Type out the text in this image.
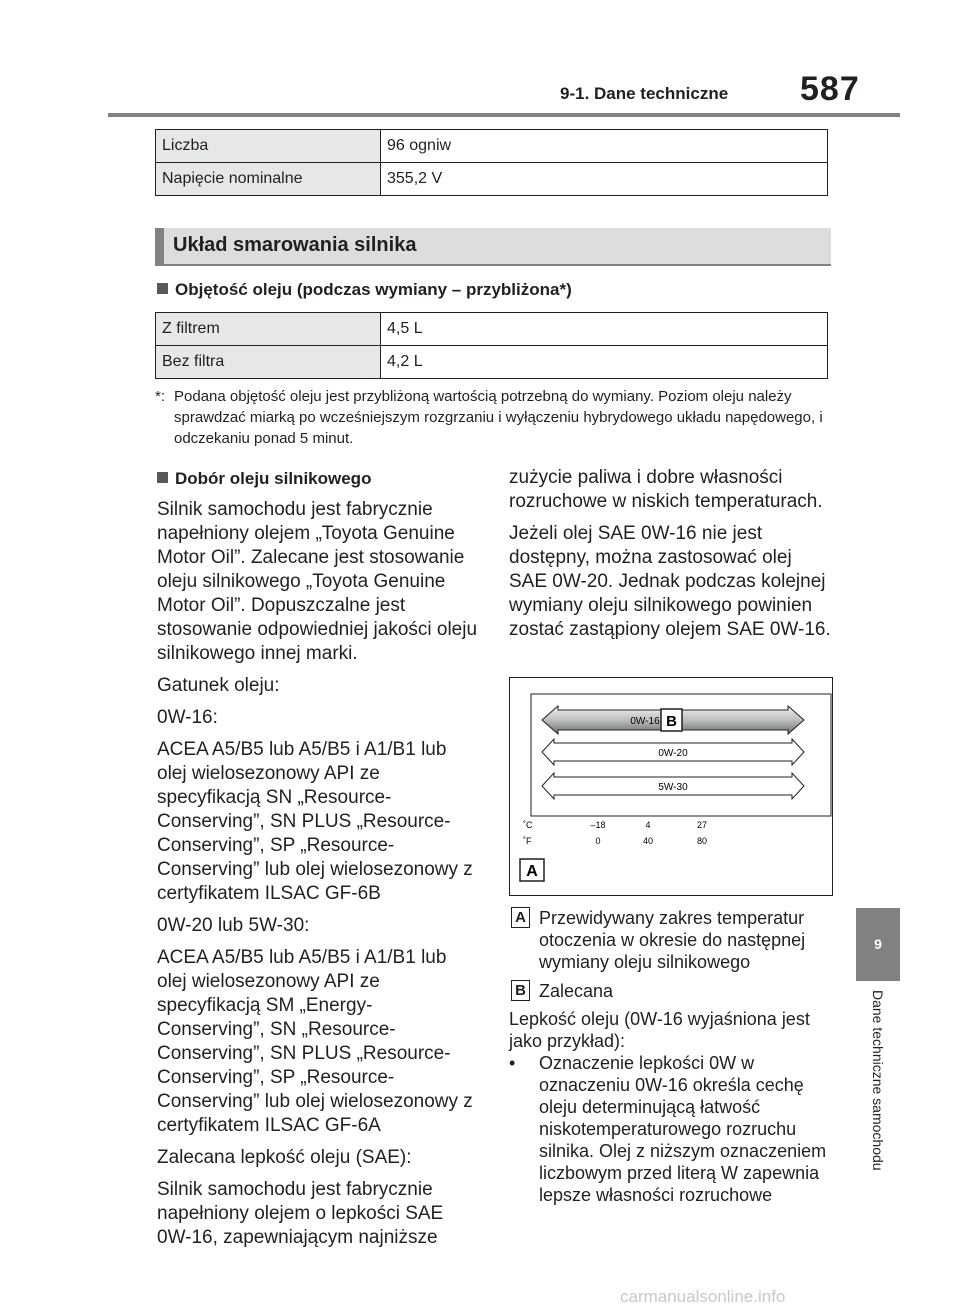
9-1. Dane techniczne 587
Liczba	96 ogniw
Napięcie nominalne	355,2 V
Układ smarowania silnika
Objętość oleju (podczas wymiany – przybliżona*)
Z filtrem	4,5 L
Bez filtra	4,2 L
*: Podana objętość oleju jest przybliżoną wartością potrzebną do wymiany. Poziom oleju należy sprawdzać miarką po wcześniejszym rozgrzaniu i wyłączeniu hybrydowego układu napędowego, i odczekaniu ponad 5 minut.
Dobór oleju silnikowego

Silnik samochodu jest fabrycznie napełniony olejem „Toyota Genuine Motor Oil”. Zalecane jest stosowanie oleju silnikowego „Toyota Genuine Motor Oil”. Dopuszczalne jest stosowanie odpowiedniej jakości oleju silnikowego innej marki.

Gatunek oleju:

0W-16:

ACEA A5/B5 lub A5/B5 i A1/B1 lub olej wielosezonowy API ze specyfikacją SN „Resource-Conserving”, SN PLUS „Resource-Conserving”, SP „Resource-Conserving” lub olej wielosezonowy z certyfikatem ILSAC GF-6B

0W-20 lub 5W-30:

ACEA A5/B5 lub A5/B5 i A1/B1 lub olej wielosezonowy API ze specyfikacją SM „Energy-Conserving”, SN „Resource-Conserving”, SN PLUS „Resource-Conserving”, SP „Resource-Conserving” lub olej wielosezonowy z certyfikatem ILSAC GF-6A

Zalecana lepkość oleju (SAE):

Silnik samochodu jest fabrycznie napełniony olejem o lepkości SAE 0W-16, zapewniającym najniższe

zużycie paliwa i dobre własności rozruchowe w niskich temperaturach.

Jeżeli olej SAE 0W-16 nie jest dostępny, można zastosować olej SAE 0W-20. Jednak podczas kolejnej wymiany oleju silnikowego powinien zostać zastąpiony olejem SAE 0W-16.

0W-16 B
0W-20
5W-30
˚C
˚F
–18	4	27
0	40	80
A
A Przewidywany zakres temperatur otoczenia w okresie do następnej wymiany oleju silnikowego
B Zalecana
Lepkość oleju (0W-16 wyjaśniona jest jako przykład):
• Oznaczenie lepkości 0W w oznaczeniu 0W-16 określa cechę oleju determinującą łatwość niskotemperaturowego rozruchu silnika. Olej z niższym oznaczeniem liczbowym przed literą W zapewnia lepsze własności rozruchowe
9
Dane techniczne samochodu
carmanualsonline.info
